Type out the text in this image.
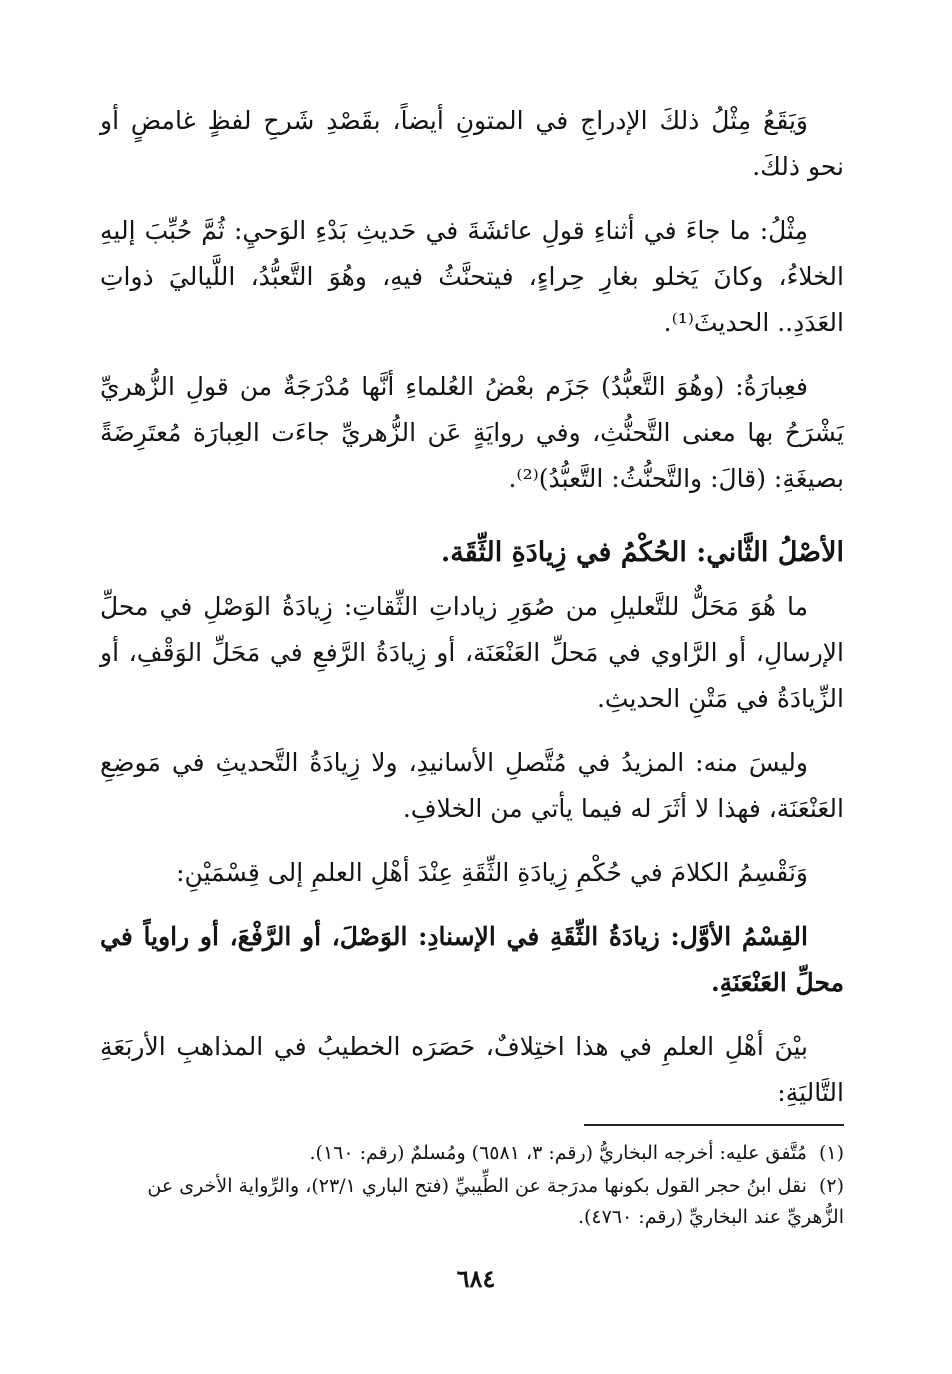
وَيَقَعُ مِثْلُ ذلكَ الإدراجِ في المتونِ أيضاً، بقَصْدِ شَرحِ لفظٍ غامضٍ أو نحو ذلكَ.

مِثْلُ: ما جاءَ في أثناءِ قولِ عائشَةَ في حَديثِ بَدْءِ الوَحيِ: ثُمَّ حُبِّبَ إليهِ الخلاءُ، وكانَ يَخلو بغارِ حِراءٍ، فيتحنَّثُ فيهِ، وهُوَ التَّعبُّدُ، اللَّياليَ ذواتِ العَدَدِ.. الحديثَ⁽¹⁾.

فعِبارَةُ: (وهُوَ التَّعبُّدُ) جَزَم بعْضُ العُلماءِ أنَّها مُدْرَجَةٌ من قولِ الزُّهريِّ يَشْرَحُ بها معنى التَّحنُّثِ، وفي روايَةٍ عَن الزُّهريِّ جاءَت العِبارَة مُعتَرِضَةً بصيغَةِ: (قالَ: والتَّحنُّثُ: التَّعبُّدُ)⁽²⁾.

الأصْلُ الثَّاني: الحُكْمُ في زِيادَةِ الثِّقَة.

ما هُوَ مَحَلٌّ للتَّعليلِ من صُوَرِ زياداتِ الثِّقاتِ: زِيادَةُ الوَصْلِ في محلِّ الإرسالِ، أو الرَّاوي في مَحلِّ العَنْعَنَة، أو زِيادَةُ الرَّفعِ في مَحَلِّ الوَقْفِ، أو الزِّيادَةُ في مَتْنِ الحديثِ.

وليسَ منه: المزيدُ في مُتَّصلِ الأسانيدِ، ولا زِيادَةُ التَّحديثِ في مَوضِعِ العَنْعَنَة، فهذا لا أثَرَ له فيما يأتي من الخلافِ.

وَنَقْسِمُ الكلامَ في حُكْمِ زِيادَةِ الثِّقَةِ عِنْدَ أهْلِ العلمِ إلى قِسْمَيْنِ:

القِسْمُ الأوَّل: زيادَةُ الثِّقَةِ في الإسنادِ: الوَصْلَ، أو الرَّفْعَ، أو راوياً في محلِّ العَنْعَنَةِ.

بيْنَ أهْلِ العلمِ في هذا اختِلافٌ، حَصَرَه الخطيبُ في المذاهبِ الأربَعَةِ التَّاليَةِ:

(١) مُتَّفق عليه: أخرجه البخاريُّ (رقم: ٣، ٦٥٨١) ومُسلمٌ (رقم: ١٦٠).
(٢) نقل ابنُ حجر القول بكونها مدرَجة عن الطِّيبيِّ (فتح الباري ٢٣/١)، والرِّواية الأخرى عن الزُّهريِّ عند البخاريِّ (رقم: ٤٧٦٠).
٦٨٤
